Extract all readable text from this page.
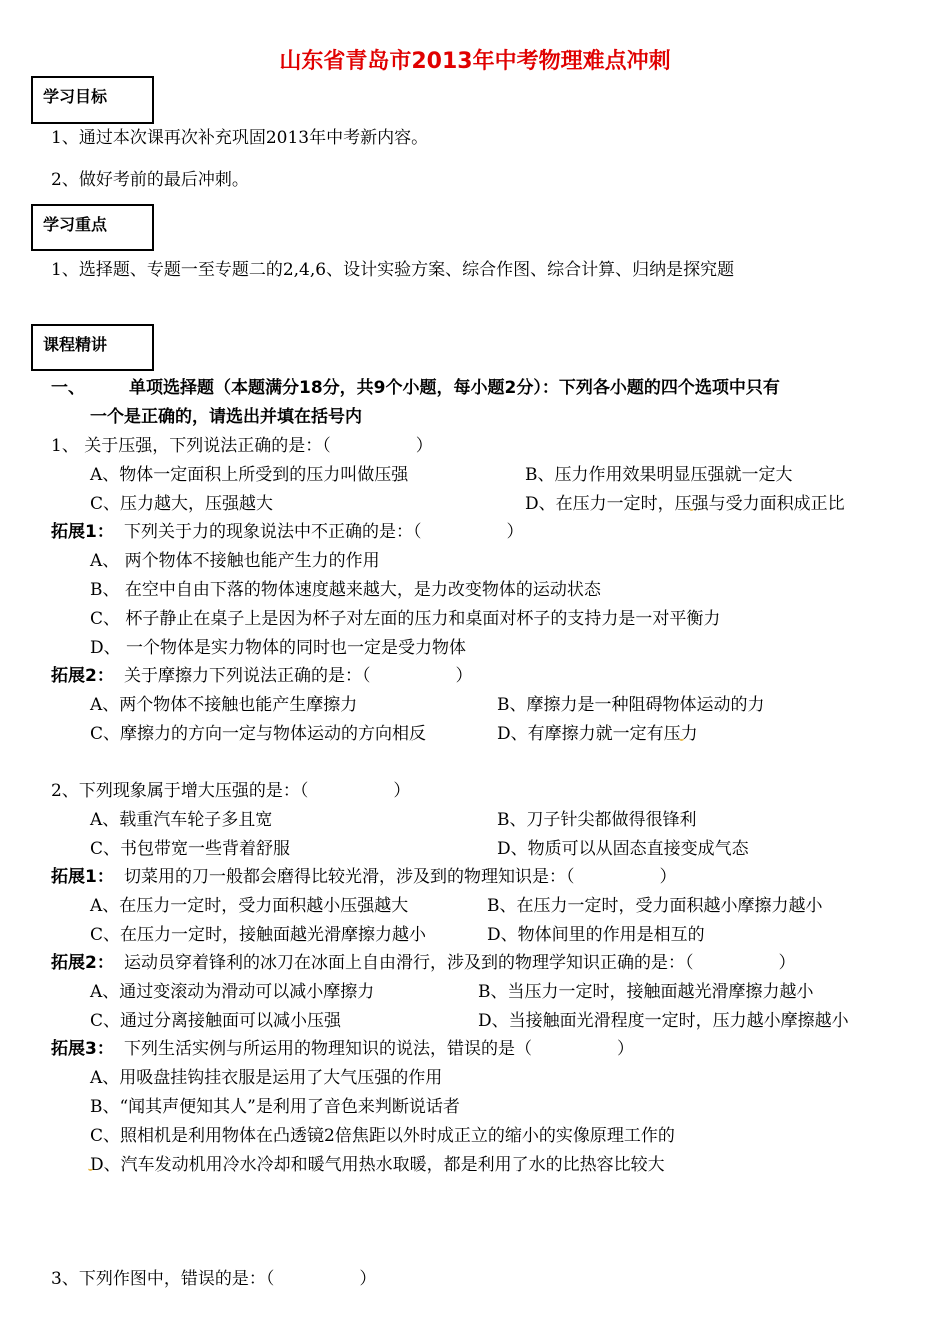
山东省青岛市2013年中考物理难点冲刺
学习目标
1、通过本次课再次补充巩固2013年中考新内容。
2、做好考前的最后冲刺。
学习重点
1、选择题、专题一至专题二的2,4,6、设计实验方案、综合作图、综合计算、归纳是探究题
课程精讲
一、	单项选择题（本题满分18分，共9个小题，每小题2分）：下列各小题的四个选项中只有
一个是正确的，请选出并填在括号内
1、 关于压强，下列说法正确的是：（　　　　　）
A、物体一定面积上所受到的压力叫做压强	B、压力作用效果明显压强就一定大
C、压力越大，压强越大	D、在压力一定时，压强与受力面积成正比
拓展1： 下列关于力的现象说法中不正确的是：（　　　　　）
A、 两个物体不接触也能产生力的作用
B、 在空中自由下落的物体速度越来越大，是力改变物体的运动状态
C、 杯子静止在桌子上是因为杯子对左面的压力和桌面对杯子的支持力是一对平衡力
D、 一个物体是实力物体的同时也一定是受力物体
拓展2： 关于摩擦力下列说法正确的是：（　　　　　）
A、两个物体不接触也能产生摩擦力	B、摩擦力是一种阻碍物体运动的力
C、摩擦力的方向一定与物体运动的方向相反	D、有摩擦力就一定有压力
2、下列现象属于增大压强的是：（　　　　　）
A、载重汽车轮子多且宽	B、刀子针尖都做得很锋利
C、书包带宽一些背着舒服	D、物质可以从固态直接变成气态
拓展1： 切菜用的刀一般都会磨得比较光滑，涉及到的物理知识是：（　　　　　）
A、在压力一定时，受力面积越小压强越大	B、在压力一定时，受力面积越小摩擦力越小
C、在压力一定时，接触面越光滑摩擦力越小	D、物体间里的作用是相互的
拓展2： 运动员穿着锋利的冰刀在冰面上自由滑行，涉及到的物理学知识正确的是：（　　　　　）
A、通过变滚动为滑动可以减小摩擦力	B、当压力一定时，接触面越光滑摩擦力越小
C、通过分离接触面可以减小压强	D、当接触面光滑程度一定时，压力越小摩擦越小
拓展3： 下列生活实例与所运用的物理知识的说法，错误的是（　　　　　）
A、用吸盘挂钩挂衣服是运用了大气压强的作用
B、“闻其声便知其人”是利用了音色来判断说话者
C、照相机是利用物体在凸透镜2倍焦距以外时成正立的缩小的实像原理工作的
D、汽车发动机用冷水冷却和暖气用热水取暖，都是利用了水的比热容比较大
3、下列作图中，错误的是：（　　　　　）
